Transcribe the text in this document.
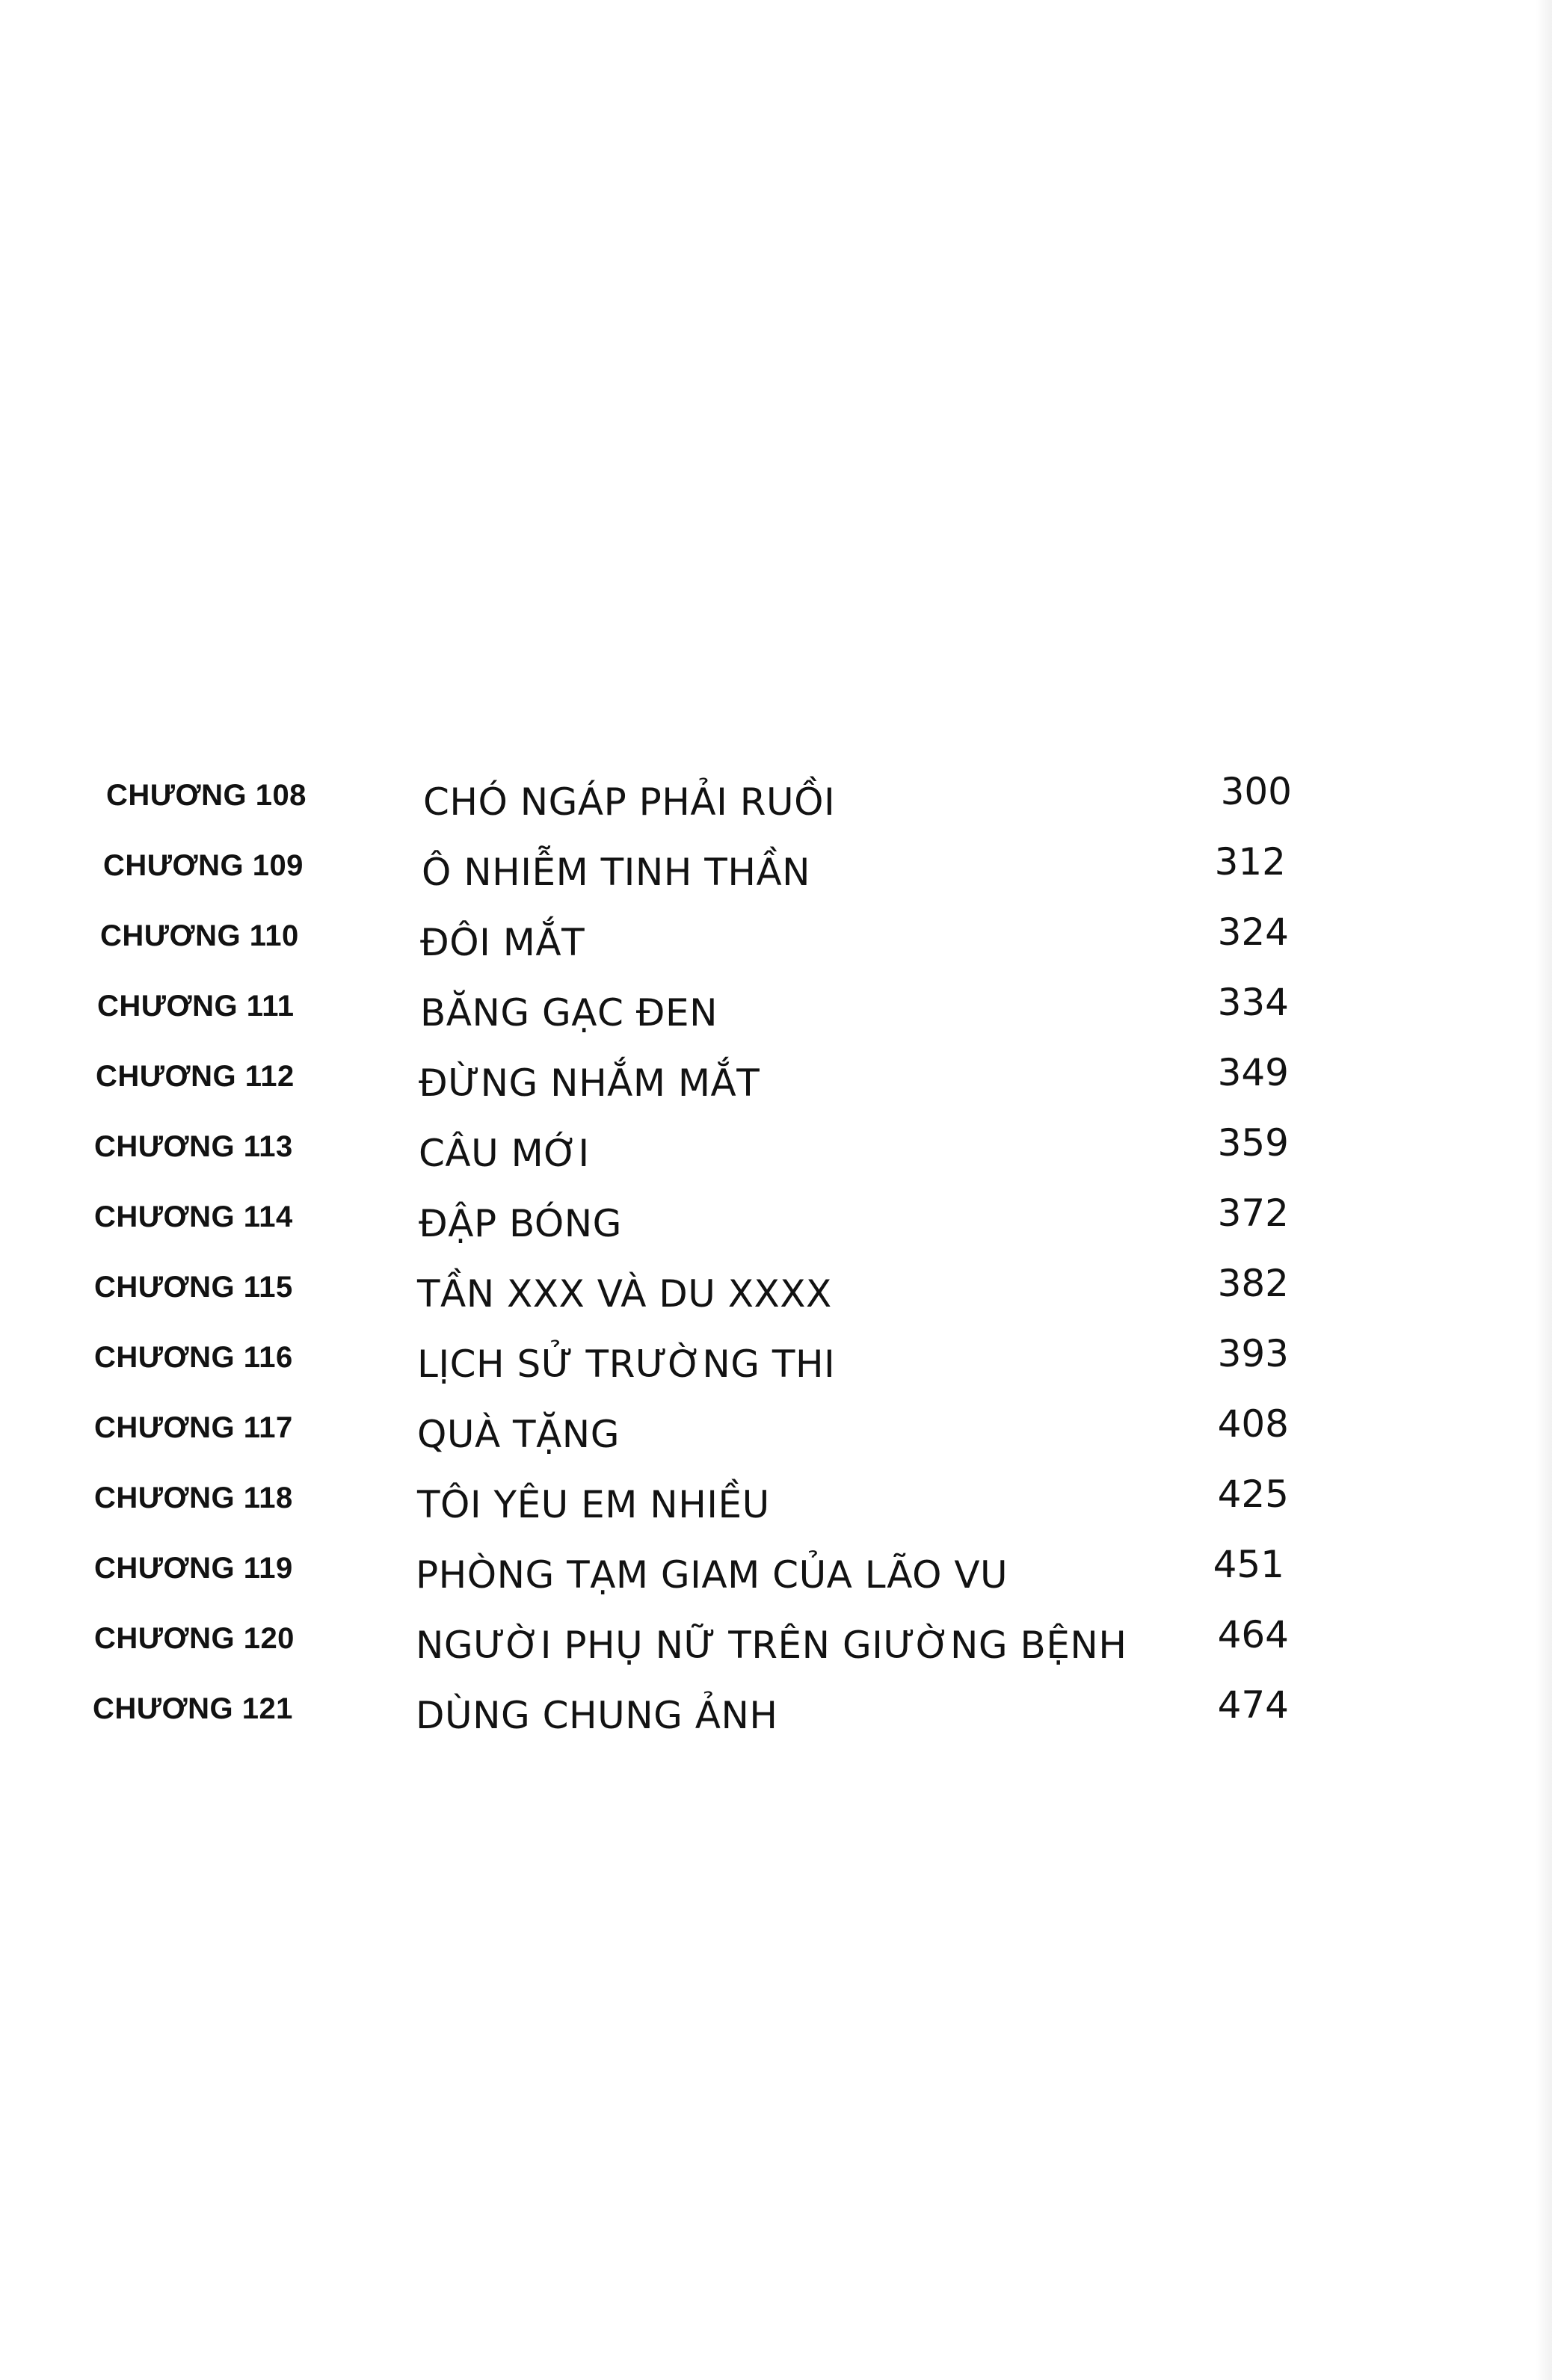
CHƯƠNG 108	CHÓ NGÁP PHẢI RUỒI	300
CHƯƠNG 109	Ô NHIỄM TINH THẦN	312
CHƯƠNG 110	ĐÔI MẮT	324
CHƯƠNG 111	BĂNG GẠC ĐEN	334
CHƯƠNG 112	ĐỪNG NHẮM MẮT	349
CHƯƠNG 113	CÂU MỚI	359
CHƯƠNG 114	ĐẬP BÓNG	372
CHƯƠNG 115	TẦN XXX VÀ DU XXXX	382
CHƯƠNG 116	LỊCH SỬ TRƯỜNG THI	393
CHƯƠNG 117	QUÀ TẶNG	408
CHƯƠNG 118	TÔI YÊU EM NHIỀU	425
CHƯƠNG 119	PHÒNG TẠM GIAM CỦA LÃO VU	451
CHƯƠNG 120	NGƯỜI PHỤ NỮ TRÊN GIƯỜNG BỆNH 464
CHƯƠNG 121	DÙNG CHUNG ẢNH	474
